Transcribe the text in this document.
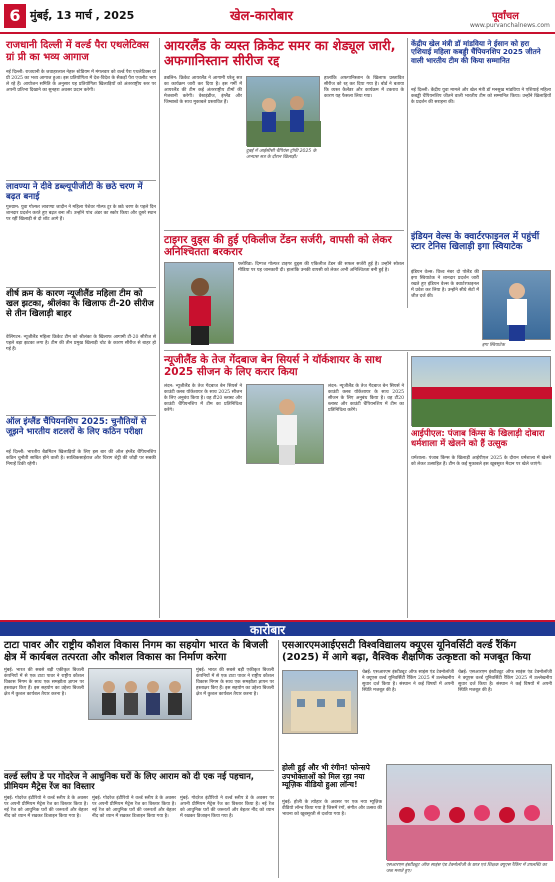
6 मुंबई, 13 मार्च , 2025	खेल-कारोबार	पूर्वांचल
www.purvanchalnews.com
राजधानी दिल्ली में वर्ल्ड पैरा एथलेटिक्स ग्रां प्री का भव्य आगाज
नई दिल्ली: राजधानी के जवाहरलाल नेहरू स्टेडियम में मंगलवार को वर्ल्ड पैरा एथलेटिक्स ग्रां प्री 2025 का भव्य आगाज हुआ। इस प्रतियोगिता में देश-विदेश के सैकड़ों पैरा एथलीट भाग ले रहे हैं। आयोजन समिति के अनुसार यह प्रतियोगिता खिलाड़ियों को अंतरराष्ट्रीय स्तर पर अपनी प्रतिभा दिखाने का सुनहरा अवसर प्रदान करेगी।
लावण्या ने दीवे डब्ल्यूपीजीटी के छठे चरण में बढ़त बनाई
गुरुग्राम: युवा गोल्फर लावण्या जादौन ने महिला पेशेवर गोल्फ टूर के छठे चरण के पहले दिन शानदार प्रदर्शन करते हुए बढ़त बना ली। उन्होंने पांच अंडर का स्कोर किया और दूसरे स्थान पर रहीं खिलाड़ी से दो शॉट आगे हैं।
शीर्ष क्रम के कारण न्यूजीलैंड महिला टीम को खल झटका, श्रीलंका के खिलाफ टी-20 सीरीज से तीन खिलाड़ी बाहर
वेलिंगटन: न्यूजीलैंड महिला क्रिकेट टीम को श्रीलंका के खिलाफ आगामी टी-20 सीरीज से पहले बड़ा झटका लगा है। टीम की तीन प्रमुख खिलाड़ी चोट के कारण सीरीज से बाहर हो गई हैं।
ऑल इंग्लैंड चैंपियनशिप 2025: चुनौतियों से जूझने भारतीय शटलरों के लिए कठिन परीक्षा
नई दिल्ली: भारतीय बैडमिंटन खिलाड़ियों के लिए इस बार की ऑल इंग्लैंड चैंपियनशिप कठिन चुनौती साबित होने वाली है। सात्विकसाईराज और चिराग शेट्टी की जोड़ी पर सबकी निगाहें टिकी रहेंगी।
आयरलैंड के व्यस्त क्रिकेट समर का शेड्यूल जारी, अफगानिस्तान सीरीज रद्द
डबलिन: क्रिकेट आयरलैंड ने आगामी घरेलू सत्र का कार्यक्रम जारी कर दिया है। इस गर्मी में आयरलैंड की टीम कई अंतरराष्ट्रीय टीमों की मेजबानी करेगी। वेस्टइंडीज, इंग्लैंड और जिम्बाब्वे के साथ मुकाबले प्रस्तावित हैं।
दुबई में आईसीसी चैंपियंस ट्रॉफी 2025 के अभ्यास सत्र के दौरान खिलाड़ी।
हालांकि अफगानिस्तान के खिलाफ प्रस्तावित सीरीज को रद्द कर दिया गया है। बोर्ड ने बताया कि व्यस्त कैलेंडर और कार्यक्रम में टकराव के कारण यह फैसला लिया गया।
केंद्रीय खेल मंत्री डॉ मांडविया ने ईसान को हरा एशियाई महिला कबड्डी चैंपियनशिप 2025 जीतने वाली भारतीय टीम की किया सम्मानित
नई दिल्ली: केंद्रीय युवा मामले और खेल मंत्री डॉ मनसुख मांडविया ने एशियाई महिला कबड्डी चैंपियनशिप जीतने वाली भारतीय टीम को सम्मानित किया। उन्होंने खिलाड़ियों के प्रदर्शन की सराहना की।
टाइगर वुड्स की हुई एकिलीज टेंडन सर्जरी, वापसी को लेकर अनिश्चितता बरकरार
फ्लोरिडा: दिग्गज गोल्फर टाइगर वुड्स की एकिलीज टेंडन की सफल सर्जरी हुई है। उन्होंने सोशल मीडिया पर यह जानकारी दी। हालांकि उनकी वापसी को लेकर अभी अनिश्चितता बनी हुई है।
इंडियन वेल्स के क्वार्टरफाइनल में पहुंचीं स्टार टेनिस खिलाड़ी इगा स्वियाटेक
इंडियन वेल्स: विश्व नंबर दो पोलैंड की इगा स्वियाटेक ने शानदार प्रदर्शन जारी रखते हुए इंडियन वेल्स के क्वार्टरफाइनल में प्रवेश कर लिया है। उन्होंने सीधे सेटों में जीत दर्ज की।
इगा स्वियाटेक
न्यूजीलैंड के तेज गेंदबाज बेन सियर्स ने यॉर्कशायर के साथ 2025 सीजन के लिए करार किया
लंदन: न्यूजीलैंड के तेज गेंदबाज बेन सियर्स ने काउंटी क्लब यॉर्कशायर के साथ 2025 सीजन के लिए अनुबंध किया है। वह टी20 ब्लास्ट और काउंटी चैंपियनशिप में टीम का प्रतिनिधित्व करेंगे।
लंदन: न्यूजीलैंड के तेज गेंदबाज बेन सियर्स ने काउंटी क्लब यॉर्कशायर के साथ 2025 सीजन के लिए अनुबंध किया है। वह टी20 ब्लास्ट और काउंटी चैंपियनशिप में टीम का प्रतिनिधित्व करेंगे।
आईपीएल: पंजाब किंग्स के खिलाड़ी दोबारा धर्मशाला में खेलने को हैं उत्सुक
धर्मशाला: पंजाब किंग्स के खिलाड़ी आईपीएल 2025 के दौरान धर्मशाला में खेलने को लेकर उत्साहित हैं। टीम के कई मुकाबले इस खूबसूरत मैदान पर खेले जाएंगे।
कारोबार
टाटा पावर और राष्ट्रीय कौशल विकास निगम का सहयोग भारत के बिजली क्षेत्र में कार्यबल तत्परता और कौशल विकास का निर्माण करेगा
मुंबई: भारत की सबसे बड़ी एकीकृत बिजली कंपनियों में से एक टाटा पावर ने राष्ट्रीय कौशल विकास निगम के साथ एक समझौता ज्ञापन पर हस्ताक्षर किए हैं। इस सहयोग का उद्देश्य बिजली क्षेत्र में कुशल कार्यबल तैयार करना है।
मुंबई: भारत की सबसे बड़ी एकीकृत बिजली कंपनियों में से एक टाटा पावर ने राष्ट्रीय कौशल विकास निगम के साथ एक समझौता ज्ञापन पर हस्ताक्षर किए हैं। इस सहयोग का उद्देश्य बिजली क्षेत्र में कुशल कार्यबल तैयार करना है।
एसआरएमआईएसटी विश्वविद्यालय क्यूएस यूनिवर्सिटी वर्ल्ड रैंकिंग (2025) में आगे बढ़ा, वैश्विक शैक्षणिक उत्कृष्टता को मजबूत किया
चेन्नई: एसआरएम इंस्टीट्यूट ऑफ साइंस एंड टेक्नोलॉजी ने क्यूएस वर्ल्ड यूनिवर्सिटी रैंकिंग 2025 में उल्लेखनीय सुधार दर्ज किया है। संस्थान ने कई विषयों में अपनी स्थिति मजबूत की है।
चेन्नई: एसआरएम इंस्टीट्यूट ऑफ साइंस एंड टेक्नोलॉजी ने क्यूएस वर्ल्ड यूनिवर्सिटी रैंकिंग 2025 में उल्लेखनीय सुधार दर्ज किया है। संस्थान ने कई विषयों में अपनी स्थिति मजबूत की है।
वर्ल्ड स्लीप डे पर गोदरेज ने आधुनिक घरों के लिए आराम को दी एक नई पहचान, प्रीमियम मैट्रेस रेंज का विस्तार
मुंबई: गोदरेज इंटीरियो ने वर्ल्ड स्लीप डे के अवसर पर अपनी प्रीमियम मैट्रेस रेंज का विस्तार किया है। नई रेंज को आधुनिक घरों की जरूरतों और बेहतर नींद को ध्यान में रखकर डिजाइन किया गया है।
मुंबई: गोदरेज इंटीरियो ने वर्ल्ड स्लीप डे के अवसर पर अपनी प्रीमियम मैट्रेस रेंज का विस्तार किया है। नई रेंज को आधुनिक घरों की जरूरतों और बेहतर नींद को ध्यान में रखकर डिजाइन किया गया है।
मुंबई: गोदरेज इंटीरियो ने वर्ल्ड स्लीप डे के अवसर पर अपनी प्रीमियम मैट्रेस रेंज का विस्तार किया है। नई रेंज को आधुनिक घरों की जरूरतों और बेहतर नींद को ध्यान में रखकर डिजाइन किया गया है।
होली हुई और भी रंगीन! फोन्सपे उपभोक्ताओं को मिल रहा नया म्यूज़िक वीडियो हुआ लॉन्च!
मुंबई: होली के त्योहार के अवसर पर एक नया म्यूज़िक वीडियो लॉन्च किया गया है जिसमें रंगों, संगीत और उत्सव की भावना को खूबसूरती से दर्शाया गया है।
एसआरएम इंस्टीट्यूट ऑफ साइंस एंड टेक्नोलॉजी के छात्र एवं शिक्षक क्यूएस रैंकिंग में उपलब्धि का जश्न मनाते हुए।
